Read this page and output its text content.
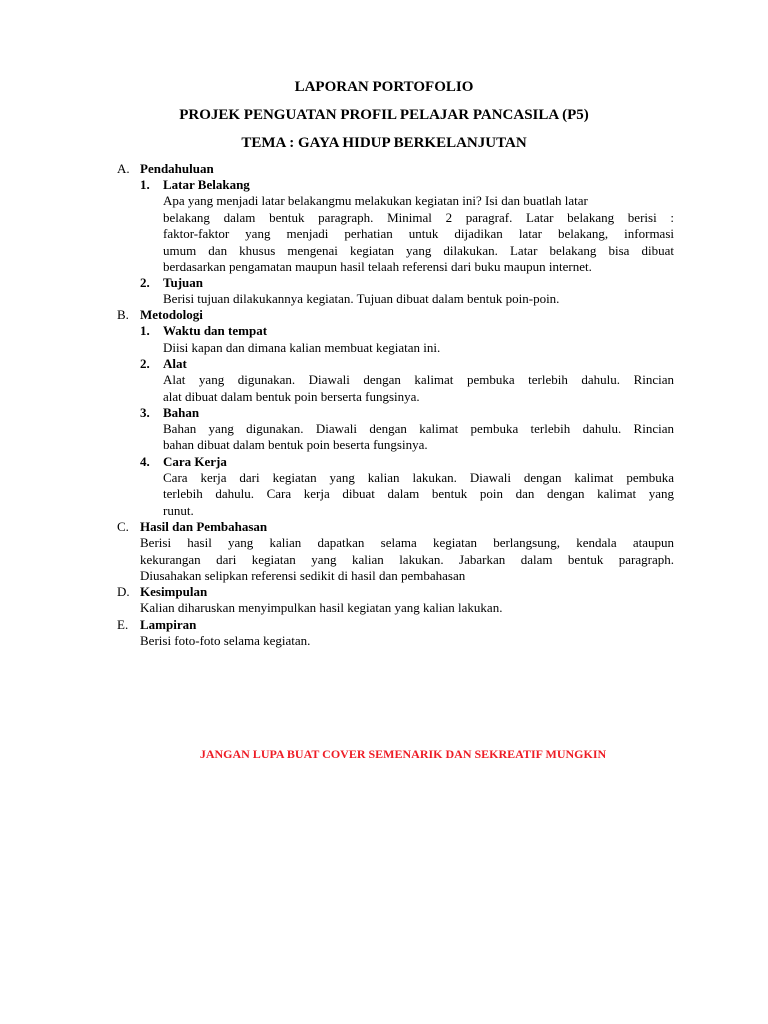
LAPORAN PORTOFOLIO
PROJEK PENGUATAN PROFIL PELAJAR PANCASILA (P5)
TEMA : GAYA HIDUP BERKELANJUTAN
A. Pendahuluan
1. Latar Belakang
Apa yang menjadi latar belakangmu melakukan kegiatan ini? Isi dan buatlah latar
belakang dalam bentuk paragraph. Minimal 2 paragraf. Latar belakang berisi :
faktor-faktor yang menjadi perhatian untuk dijadikan latar belakang, informasi
umum dan khusus mengenai kegiatan yang dilakukan. Latar belakang bisa dibuat
berdasarkan pengamatan maupun hasil telaah referensi dari buku maupun internet.
2. Tujuan
Berisi tujuan dilakukannya kegiatan. Tujuan dibuat dalam bentuk poin-poin.
B. Metodologi
1. Waktu dan tempat
Diisi kapan dan dimana kalian membuat kegiatan ini.
2. Alat
Alat yang digunakan. Diawali dengan kalimat pembuka terlebih dahulu. Rincian
alat dibuat dalam bentuk poin berserta fungsinya.
3. Bahan
Bahan yang digunakan. Diawali dengan kalimat pembuka terlebih dahulu. Rincian
bahan dibuat dalam bentuk poin beserta fungsinya.
4. Cara Kerja
Cara kerja dari kegiatan yang kalian lakukan. Diawali dengan kalimat pembuka
terlebih dahulu. Cara kerja dibuat dalam bentuk poin dan dengan kalimat yang
runut.
C. Hasil dan Pembahasan
Berisi hasil yang kalian dapatkan selama kegiatan berlangsung, kendala ataupun
kekurangan dari kegiatan yang kalian lakukan. Jabarkan dalam bentuk paragraph.
Diusahakan selipkan referensi sedikit di hasil dan pembahasan
D. Kesimpulan
Kalian diharuskan menyimpulkan hasil kegiatan yang kalian lakukan.
E. Lampiran
Berisi foto-foto selama kegiatan.
JANGAN LUPA BUAT COVER SEMENARIK DAN SEKREATIF MUNGKIN
